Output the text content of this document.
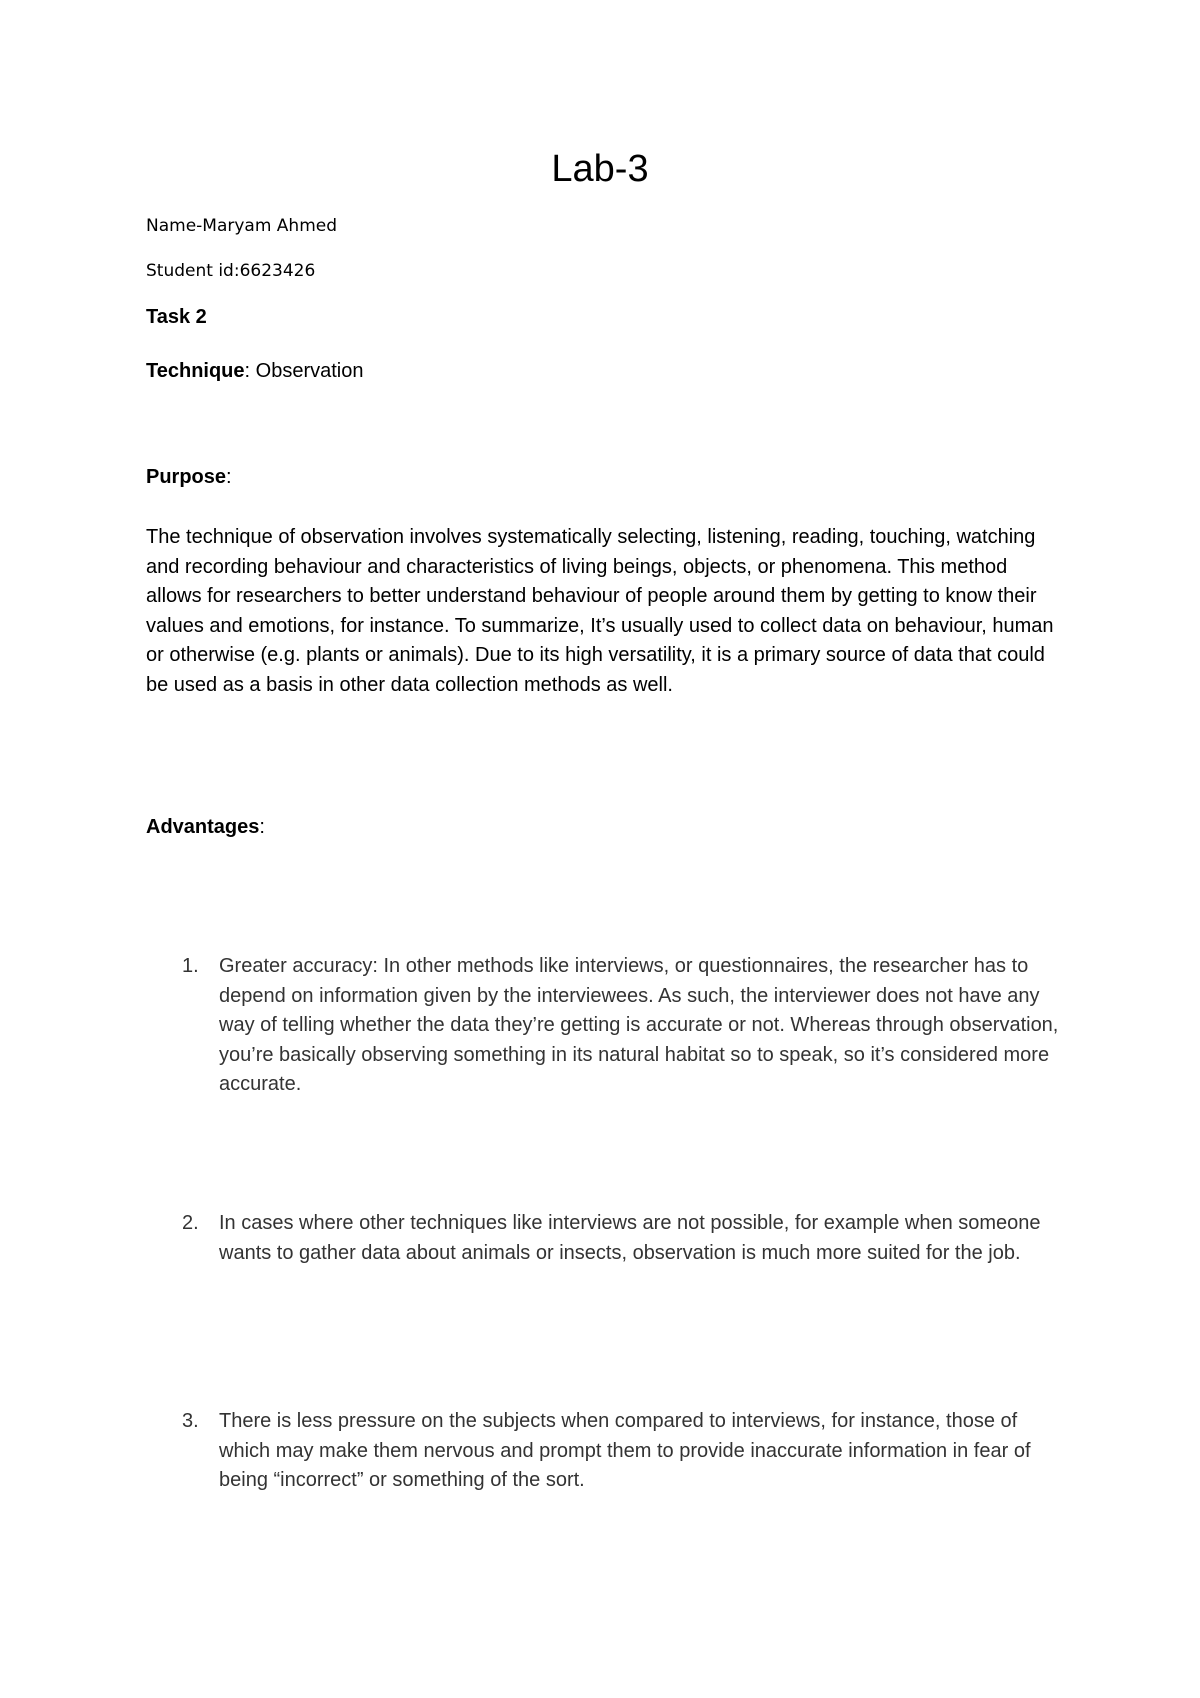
Lab-3
Name-Maryam Ahmed
Student id:6623426
Task 2
Technique: Observation
Purpose:

The technique of observation involves systematically selecting, listening, reading, touching, watching and recording behaviour and characteristics of living beings, objects, or phenomena. This method allows for researchers to better understand behaviour of people around them by getting to know their values and emotions, for instance. To summarize, It’s usually used to collect data on behaviour, human or otherwise (e.g. plants or animals). Due to its high versatility, it is a primary source of data that could be used as a basis in other data collection methods as well.

Advantages:
1.	Greater accuracy: In other methods like interviews, or questionnaires, the researcher has to depend on information given by the interviewees. As such, the interviewer does not have any way of telling whether the data they’re getting is accurate or not. Whereas through observation, you’re basically observing something in its natural habitat so to speak, so it’s considered more accurate.
2.	In cases where other techniques like interviews are not possible, for example when someone wants to gather data about animals or insects, observation is much more suited for the job.
3.	There is less pressure on the subjects when compared to interviews, for instance, those of which may make them nervous and prompt them to provide inaccurate information in fear of being “incorrect” or something of the sort.
